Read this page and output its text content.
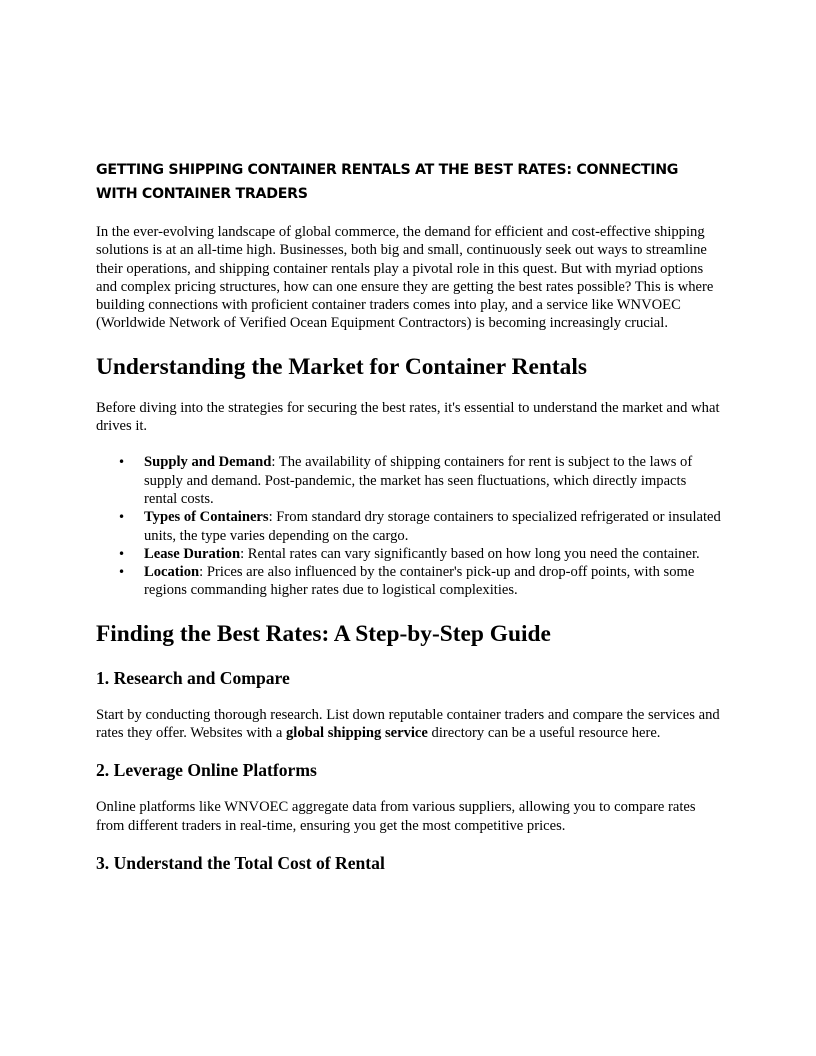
GETTING SHIPPING CONTAINER RENTALS AT THE BEST RATES: CONNECTING WITH CONTAINER TRADERS

In the ever-evolving landscape of global commerce, the demand for efficient and cost-effective shipping solutions is at an all-time high. Businesses, both big and small, continuously seek out ways to streamline their operations, and shipping container rentals play a pivotal role in this quest. But with myriad options and complex pricing structures, how can one ensure they are getting the best rates possible? This is where building connections with proficient container traders comes into play, and a service like WNVOEC (Worldwide Network of Verified Ocean Equipment Contractors) is becoming increasingly crucial.

Understanding the Market for Container Rentals

Before diving into the strategies for securing the best rates, it's essential to understand the market and what drives it.

• Supply and Demand: The availability of shipping containers for rent is subject to the laws of supply and demand. Post-pandemic, the market has seen fluctuations, which directly impacts rental costs.
• Types of Containers: From standard dry storage containers to specialized refrigerated or insulated units, the type varies depending on the cargo.
• Lease Duration: Rental rates can vary significantly based on how long you need the container.
• Location: Prices are also influenced by the container's pick-up and drop-off points, with some regions commanding higher rates due to logistical complexities.
Finding the Best Rates: A Step-by-Step Guide
1. Research and Compare

Start by conducting thorough research. List down reputable container traders and compare the services and rates they offer. Websites with a global shipping service directory can be a useful resource here.

2. Leverage Online Platforms

Online platforms like WNVOEC aggregate data from various suppliers, allowing you to compare rates from different traders in real-time, ensuring you get the most competitive prices.

3. Understand the Total Cost of Rental
